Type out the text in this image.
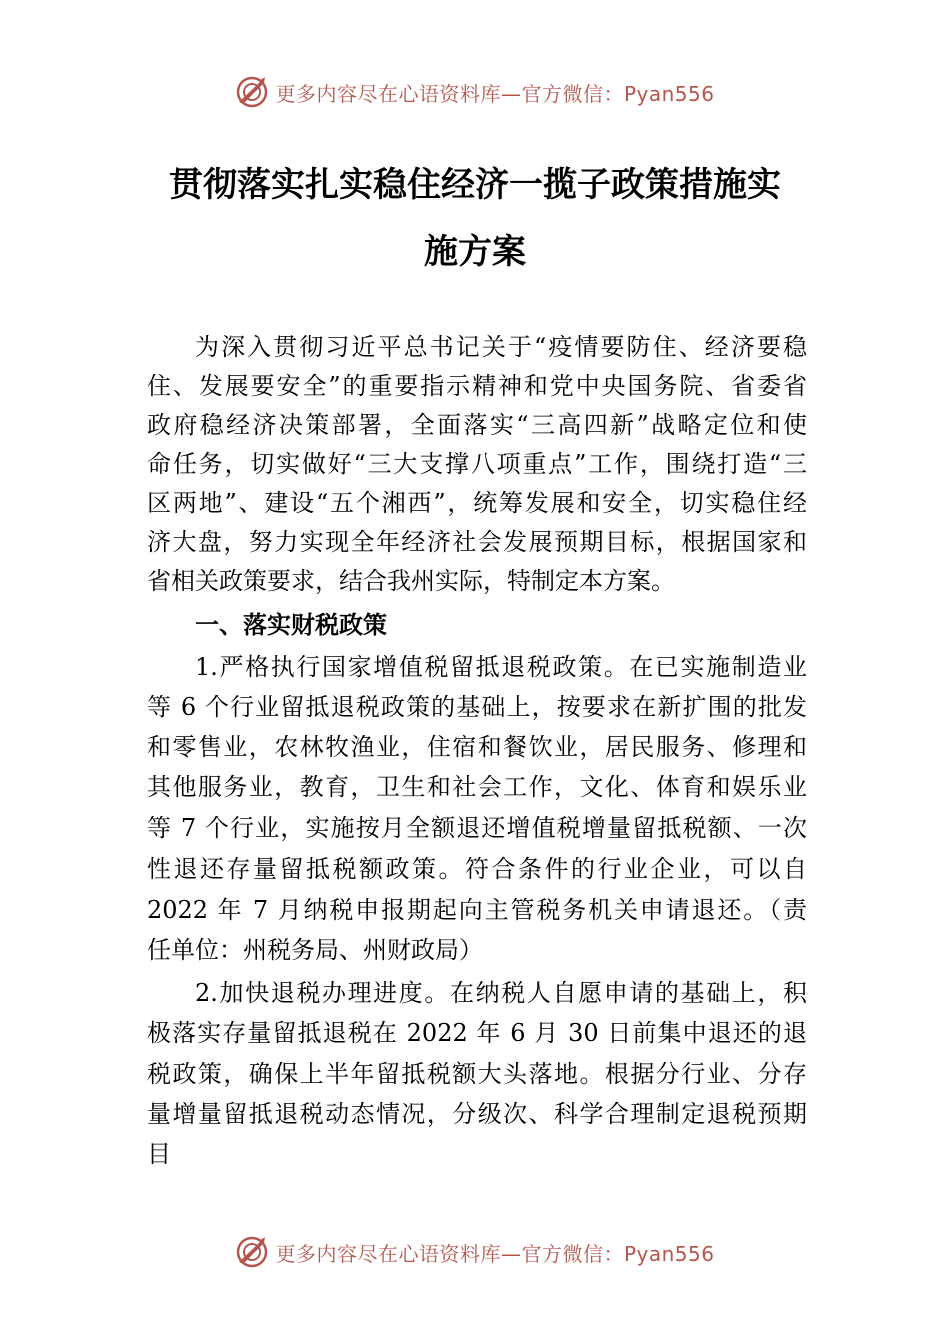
更多内容尽在心语资料库—官方微信：Pyan556
贯彻落实扎实稳住经济一揽子政策措施实
施方案
为深入贯彻习近平总书记关于“疫情要防住、经济要稳
住、发展要安全”的重要指示精神和党中央国务院、省委省
政府稳经济决策部署，全面落实“三高四新”战略定位和使
命任务，切实做好“三大支撑八项重点”工作，围绕打造“三
区两地”、建设“五个湘西”，统筹发展和安全，切实稳住经
济大盘，努力实现全年经济社会发展预期目标，根据国家和
省相关政策要求，结合我州实际，特制定本方案。
一、落实财税政策
1.严格执行国家增值税留抵退税政策。在已实施制造业
等 6 个行业留抵退税政策的基础上，按要求在新扩围的批发
和零售业，农林牧渔业，住宿和餐饮业，居民服务、修理和
其他服务业，教育，卫生和社会工作，文化、体育和娱乐业
等 7 个行业，实施按月全额退还增值税增量留抵税额、一次
性退还存量留抵税额政策。符合条件的行业企业，可以自
2022 年 7 月纳税申报期起向主管税务机关申请退还。（责
任单位：州税务局、州财政局）
2.加快退税办理进度。在纳税人自愿申请的基础上，积
极落实存量留抵退税在 2022 年 6 月 30 日前集中退还的退
税政策，确保上半年留抵税额大头落地。根据分行业、分存
量增量留抵退税动态情况，分级次、科学合理制定退税预期
目
更多内容尽在心语资料库—官方微信：Pyan556
